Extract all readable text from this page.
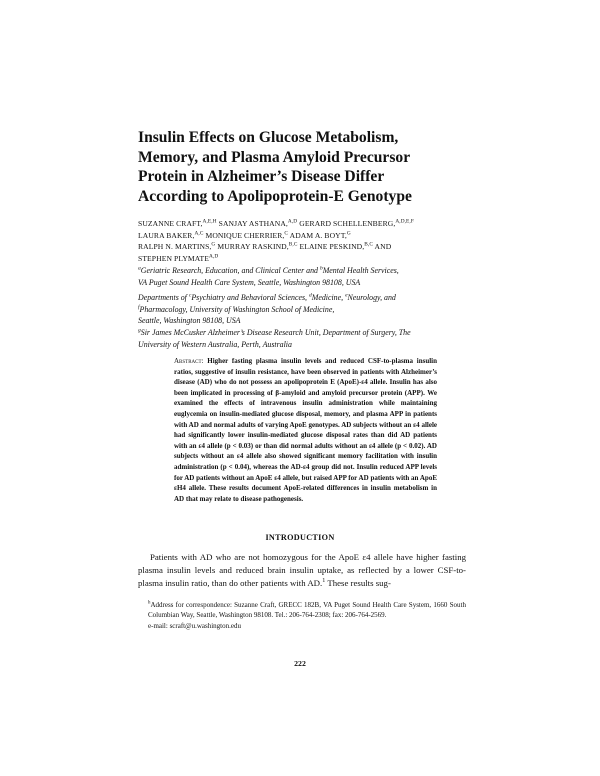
Insulin Effects on Glucose Metabolism,
Memory, and Plasma Amyloid Precursor
Protein in Alzheimer’s Disease Differ
According to Apolipoprotein-E Genotype
SUZANNE CRAFT,$^{A,E,H}$ SANJAY ASTHANA,$^{A,D}$ GERARD SCHELLENBERG,$^{A,D,E,F}$
LAURA BAKER,$^{A,C}$ MONIQUE CHERRIER,$^C$ ADAM A. BOYT,$^G$
RALPH N. MARTINS,$^G$ MURRAY RASKIND,$^{B,C}$ ELAINE PESKIND,$^{B,C}$ AND
STEPHEN $PLYMATE^{A,D}$
$^a$Geriatric Research, Education, and Clinical Center and $^b$Mental Health Services,
VA Puget Sound Health Care System, Seattle, Washington 98108, USA
Departments of $^c$Psychiatry and Behavioral Sciences, $^d$Medicine, $^e$Neurology, and
$^f$Pharmacology, University of Washington School of Medicine,
Seattle, Washington 98108, USA
$^g$Sir James McCusker Alzheimer’s Disease Research Unit, Department of Surgery, The
University of Western Australia, Perth, Australia
Abstract: Higher fasting plasma insulin levels and reduced CSF-to-plasma insulin ratios, suggestive of insulin resistance, have been observed in patients with Alzheimer’s disease (AD) who do not possess an apolipoprotein E (ApoE)-ε4 allele. Insulin has also been implicated in processing of β-amyloid and amyloid precursor protein (APP). We examined the effects of intravenous insulin administration while maintaining euglycemia on insulin-mediated glucose disposal, memory, and plasma APP in patients with AD and normal adults of varying ApoE genotypes. AD subjects without an ε4 allele had significantly lower insulin-mediated glucose disposal rates than did AD patients with an ε4 allele (p < 0.03) or than did normal adults without an ε4 allele (p < 0.02). AD subjects without an ε4 allele also showed significant memory facilitation with insulin administration (p < 0.04), whereas the AD-ε4 group did not. Insulin reduced APP levels for AD patients without an ApoE ε4 allele, but raised APP for AD patients with an ApoE εH4 allele. These results document ApoE-related differences in insulin metabolism in AD that may relate to disease pathogenesis.
INTRODUCTION
Patients with AD who are not homozygous for the ApoE ε4 allele have higher fasting plasma insulin levels and reduced brain insulin uptake, as reflected by a lower CSF-to-plasma insulin ratio, than do other patients with AD.$^1$ These results sug-
$^h$Address for correspondence: Suzanne Craft, GRECC 182B, VA Puget Sound Health Care System, 1660 South Columbian Way, Seattle, Washington 98108. Tel.: 206-764-2308; fax: 206-764-2569.
e-mail: scraft@u.washington.edu
222
